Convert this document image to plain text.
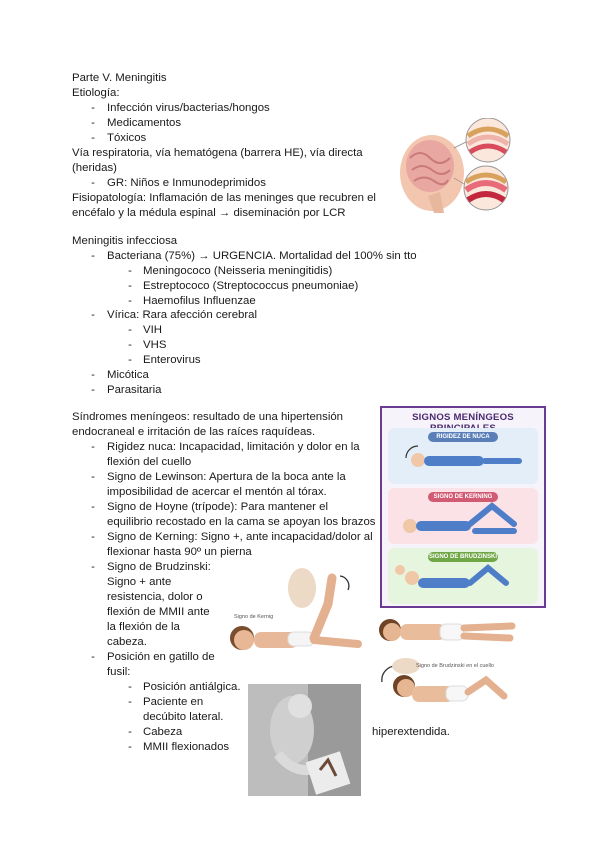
Parte V. Meningitis
Etiología:
- Infección virus/bacterias/hongos
- Medicamentos
- Tóxicos
Vía respiratoria, vía hematógena (barrera HE), vía directa
(heridas)
- GR: Niños e Inmunodeprimidos
Fisiopatología: Inflamación de las meninges que recubren el
encéfalo y la médula espinal → diseminación por LCR
Meningitis infecciosa
- Bacteriana (75%) → URGENCIA. Mortalidad del 100% sin tto
- Meningococo (Neisseria meningitidis)
- Estreptococo (Streptococcus pneumoniae)
- Haemofilus Influenzae
- Vírica: Rara afección cerebral
- VIH
- VHS
- Enterovirus
- Micótica
- Parasitaria
Síndromes meníngeos: resultado de una hipertensión
endocraneal e irritación de las raíces raquídeas.
- Rigidez nuca: Incapacidad, limitación y dolor en la
flexión del cuello
- Signo de Lewinson: Apertura de la boca ante la
imposibilidad de acercar el mentón al tórax.
- Signo de Hoyne (trípode): Para mantener el
equilibrio recostado en la cama se apoyan los brazos
- Signo de Kerning: Signo +, ante incapacidad/dolor al
flexionar hasta 90º un pierna
- Signo de Brudzinski:
Signo + ante
resistencia, dolor o
flexión de MMII ante
la flexión de la
cabeza.
- Posición en gatillo de
fusil:
- Posición antiálgica.
- Paciente en
decúbito lateral.
- Cabeza	hiperextendida.
- MMII flexionados
SIGNOS MENÍNGEOS
RIGIDEZ DE NUCA
SIGNO DE KERNING
SIGNO DE BRUDZINSKI
Signo de Kernig
Signo de Brudzinski en el cuello
